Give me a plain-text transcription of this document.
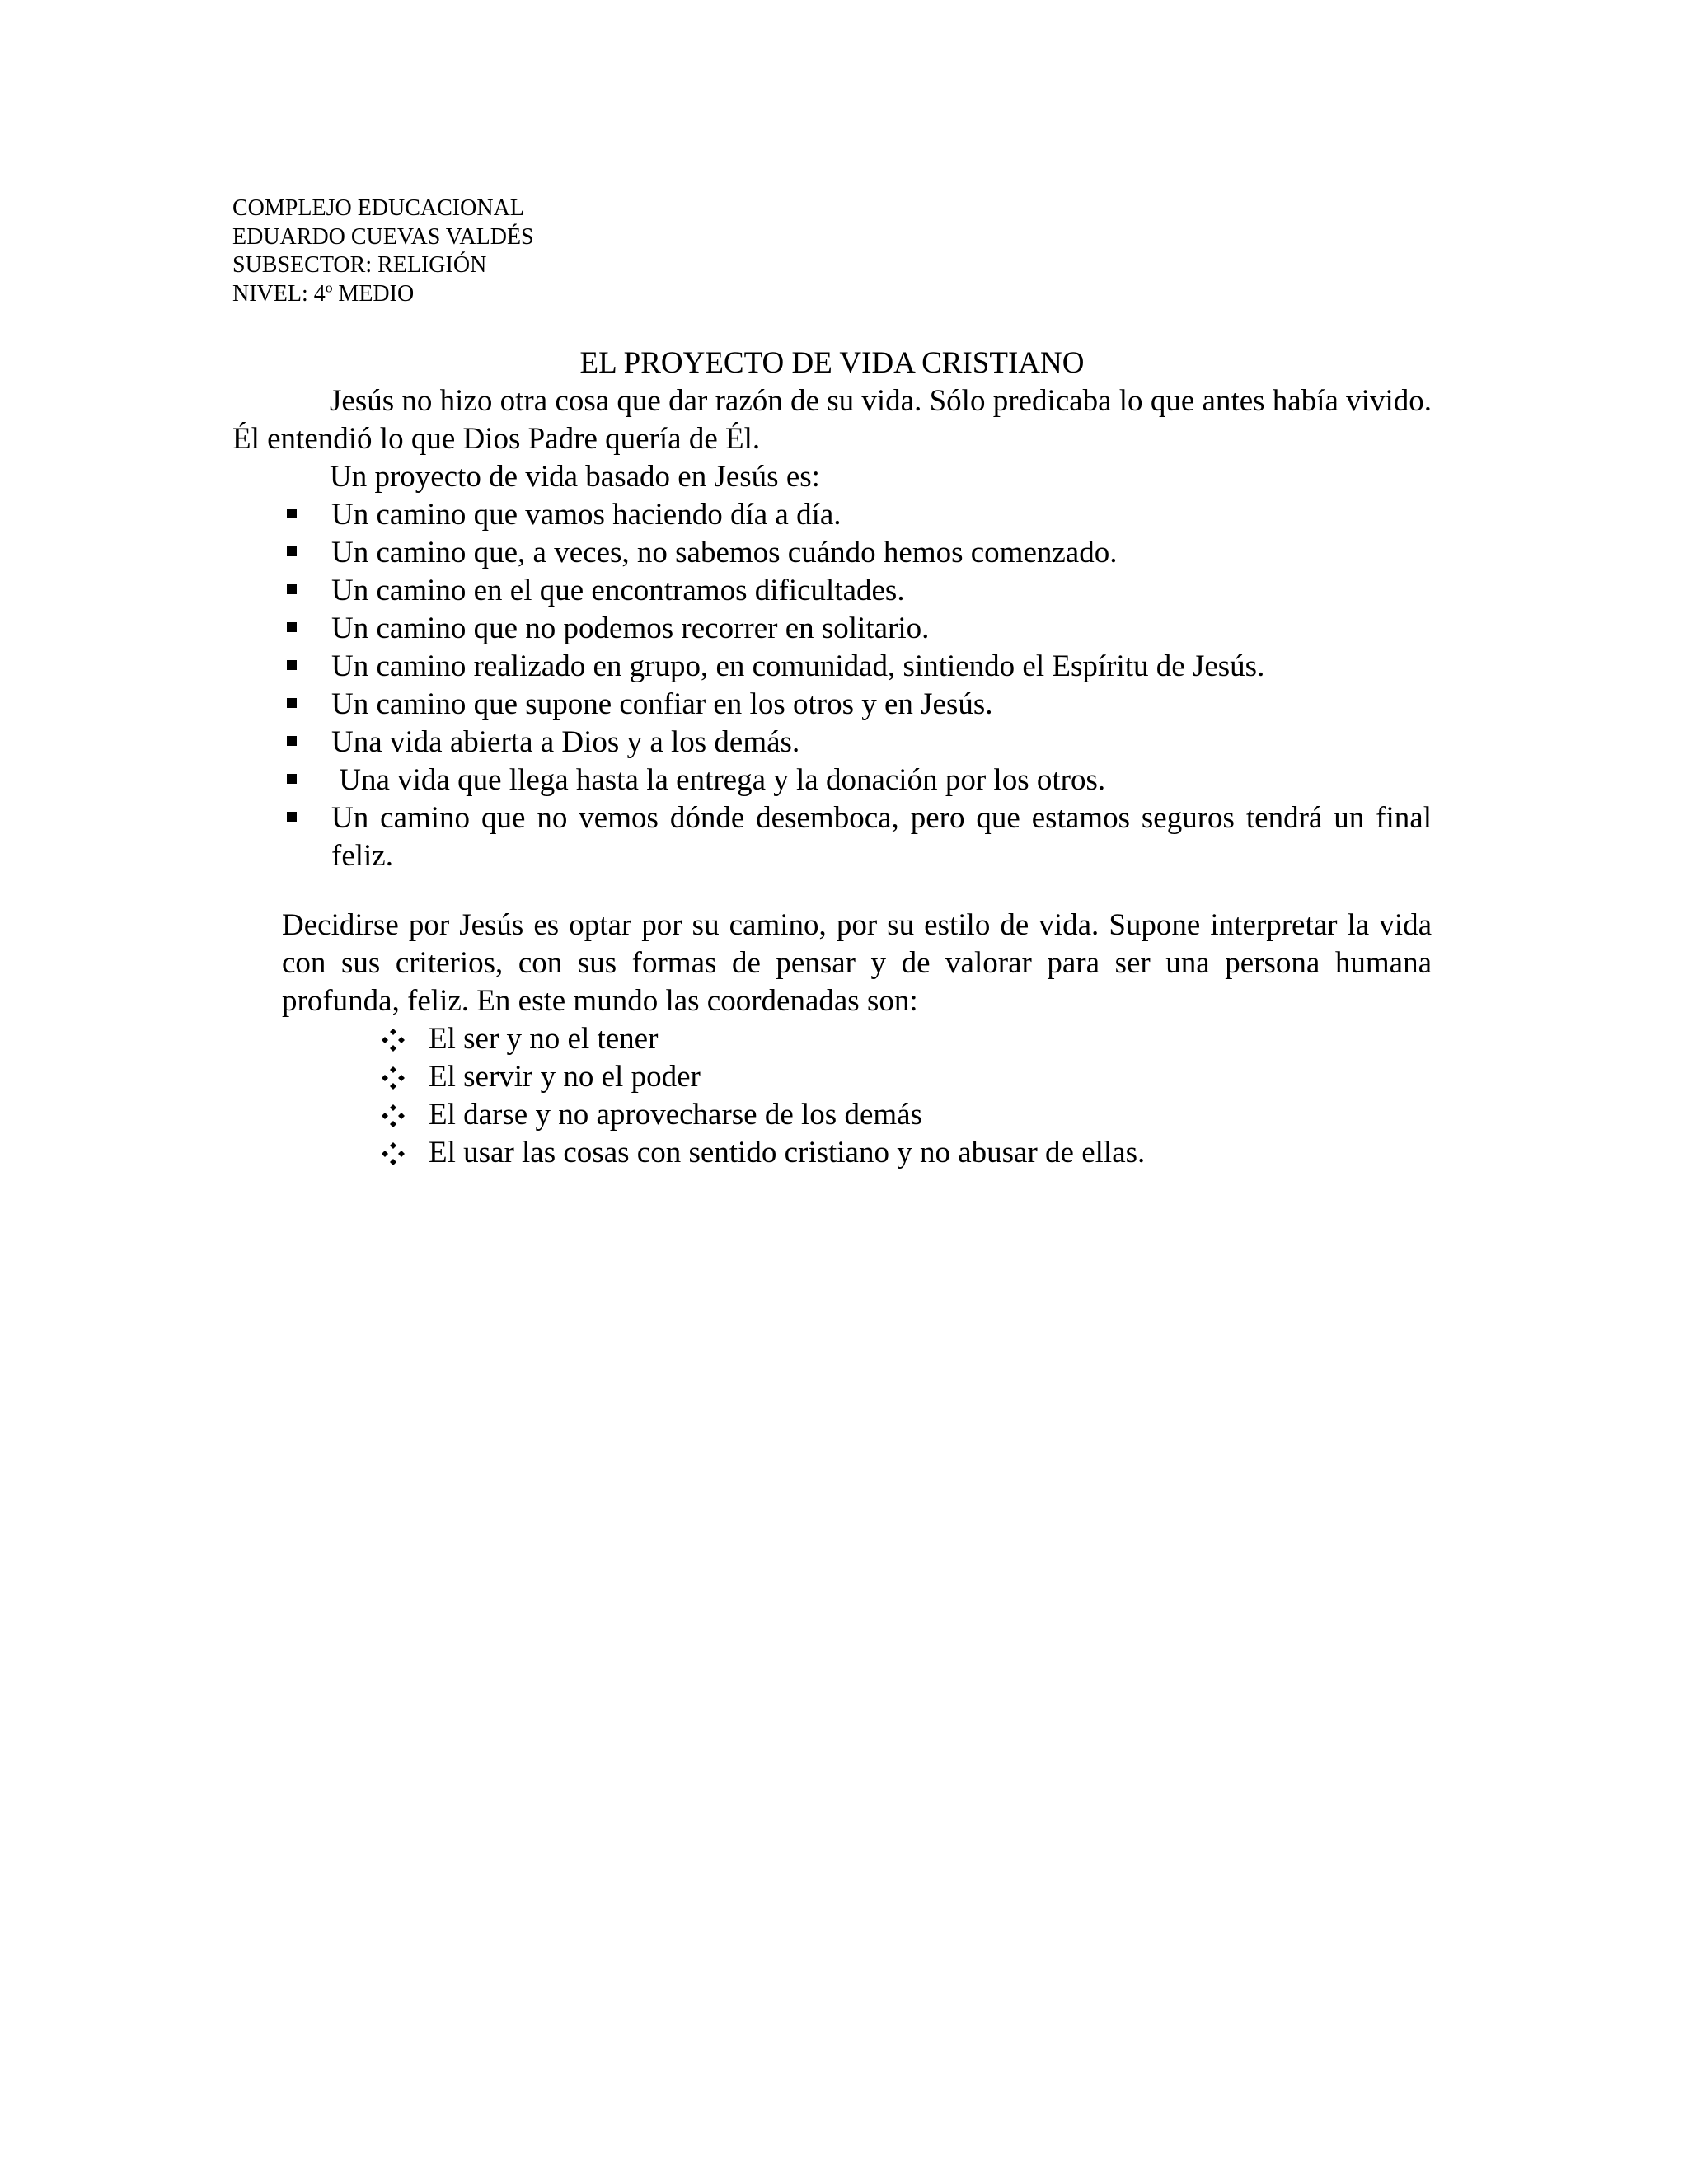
COMPLEJO EDUCACIONAL
EDUARDO CUEVAS VALDÉS
SUBSECTOR: RELIGIÓN
NIVEL: 4º MEDIO
EL PROYECTO DE VIDA CRISTIANO

Jesús no hizo otra cosa que dar razón de su vida. Sólo predicaba lo que antes había vivido. Él entendió lo que Dios Padre quería de Él.

Un proyecto de vida basado en Jesús es:

Un camino que vamos haciendo día a día.
Un camino que, a veces, no sabemos cuándo hemos comenzado.
Un camino en el que encontramos dificultades.
Un camino que no podemos recorrer en solitario.
Un camino realizado en grupo, en comunidad, sintiendo el Espíritu de Jesús.
Un camino que supone confiar en los otros y en Jesús.
Una vida abierta a Dios y a los demás.
Una vida que llega hasta la entrega y la donación por los otros.
Un camino que no vemos dónde desemboca, pero que estamos seguros tendrá un final feliz.

Decidirse por Jesús es optar por su camino, por su estilo de vida. Supone interpretar la vida con sus criterios, con sus formas de pensar y de valorar para ser una persona humana profunda, feliz. En este mundo las coordenadas son:

El ser y no el tener
El servir y no el poder
El darse y no aprovecharse de los demás
El usar las cosas con sentido cristiano y no abusar de ellas.
